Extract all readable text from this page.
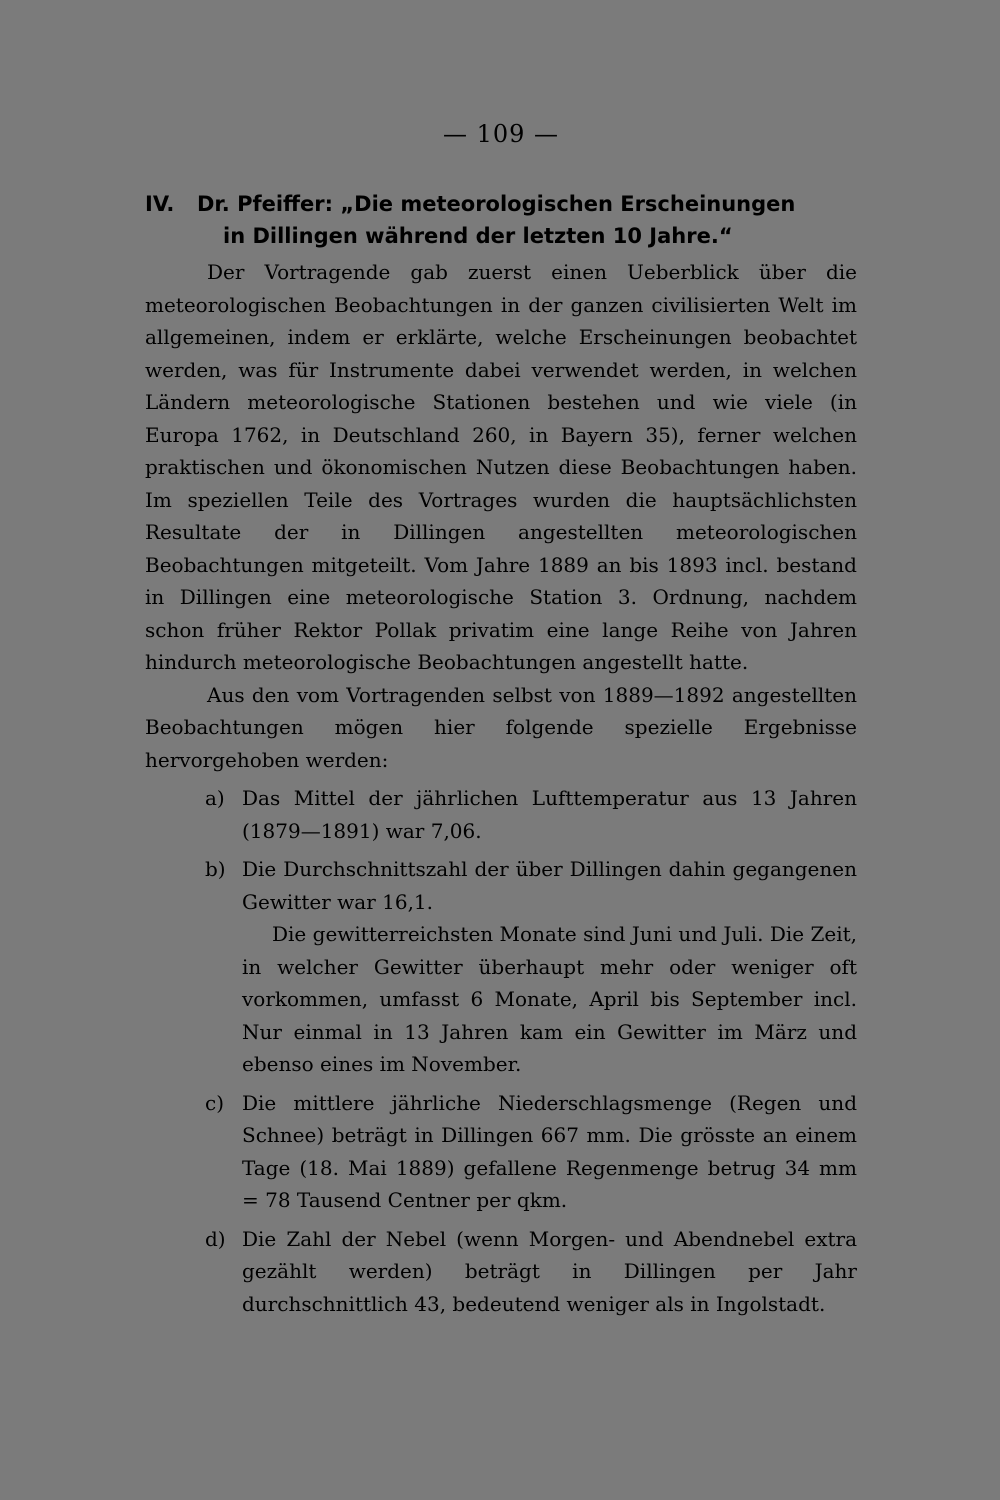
— 109 —
IV. Dr. Pfeiffer: „Die meteorologischen Erscheinungen
in Dillingen während der letzten 10 Jahre.“

Der Vortragende gab zuerst einen Ueberblick über die meteorologischen Beobachtungen in der ganzen civilisierten Welt im allgemeinen, indem er erklärte, welche Erscheinungen beobachtet werden, was für Instrumente dabei verwendet werden, in welchen Ländern meteorologische Stationen bestehen und wie viele (in Europa 1762, in Deutschland 260, in Bayern 35), ferner welchen praktischen und ökonomischen Nutzen diese Beobachtungen haben. Im speziellen Teile des Vortrages wurden die hauptsächlichsten Resultate der in Dillingen angestellten meteorologischen Beobachtungen mitgeteilt. Vom Jahre 1889 an bis 1893 incl. bestand in Dillingen eine meteorologische Station 3. Ordnung, nachdem schon früher Rektor Pollak privatim eine lange Reihe von Jahren hindurch meteorologische Beobachtungen angestellt hatte.

Aus den vom Vortragenden selbst von 1889—1892 angestellten Beobachtungen mögen hier folgende spezielle Ergebnisse hervorgehoben werden:

a) Das Mittel der jährlichen Lufttemperatur aus 13 Jahren (1879—1891) war 7,06.

b) Die Durchschnittszahl der über Dillingen dahin gegangenen Gewitter war 16,1.

Die gewitterreichsten Monate sind Juni und Juli. Die Zeit, in welcher Gewitter überhaupt mehr oder weniger oft vorkommen, umfasst 6 Monate, April bis September incl. Nur einmal in 13 Jahren kam ein Gewitter im März und ebenso eines im November.

c) Die mittlere jährliche Niederschlagsmenge (Regen und Schnee) beträgt in Dillingen 667 mm. Die grösste an einem Tage (18. Mai 1889) gefallene Regenmenge betrug 34 mm = 78 Tausend Centner per qkm.

d) Die Zahl der Nebel (wenn Morgen- und Abendnebel extra gezählt werden) beträgt in Dillingen per Jahr durchschnittlich 43, bedeutend weniger als in Ingolstadt.
